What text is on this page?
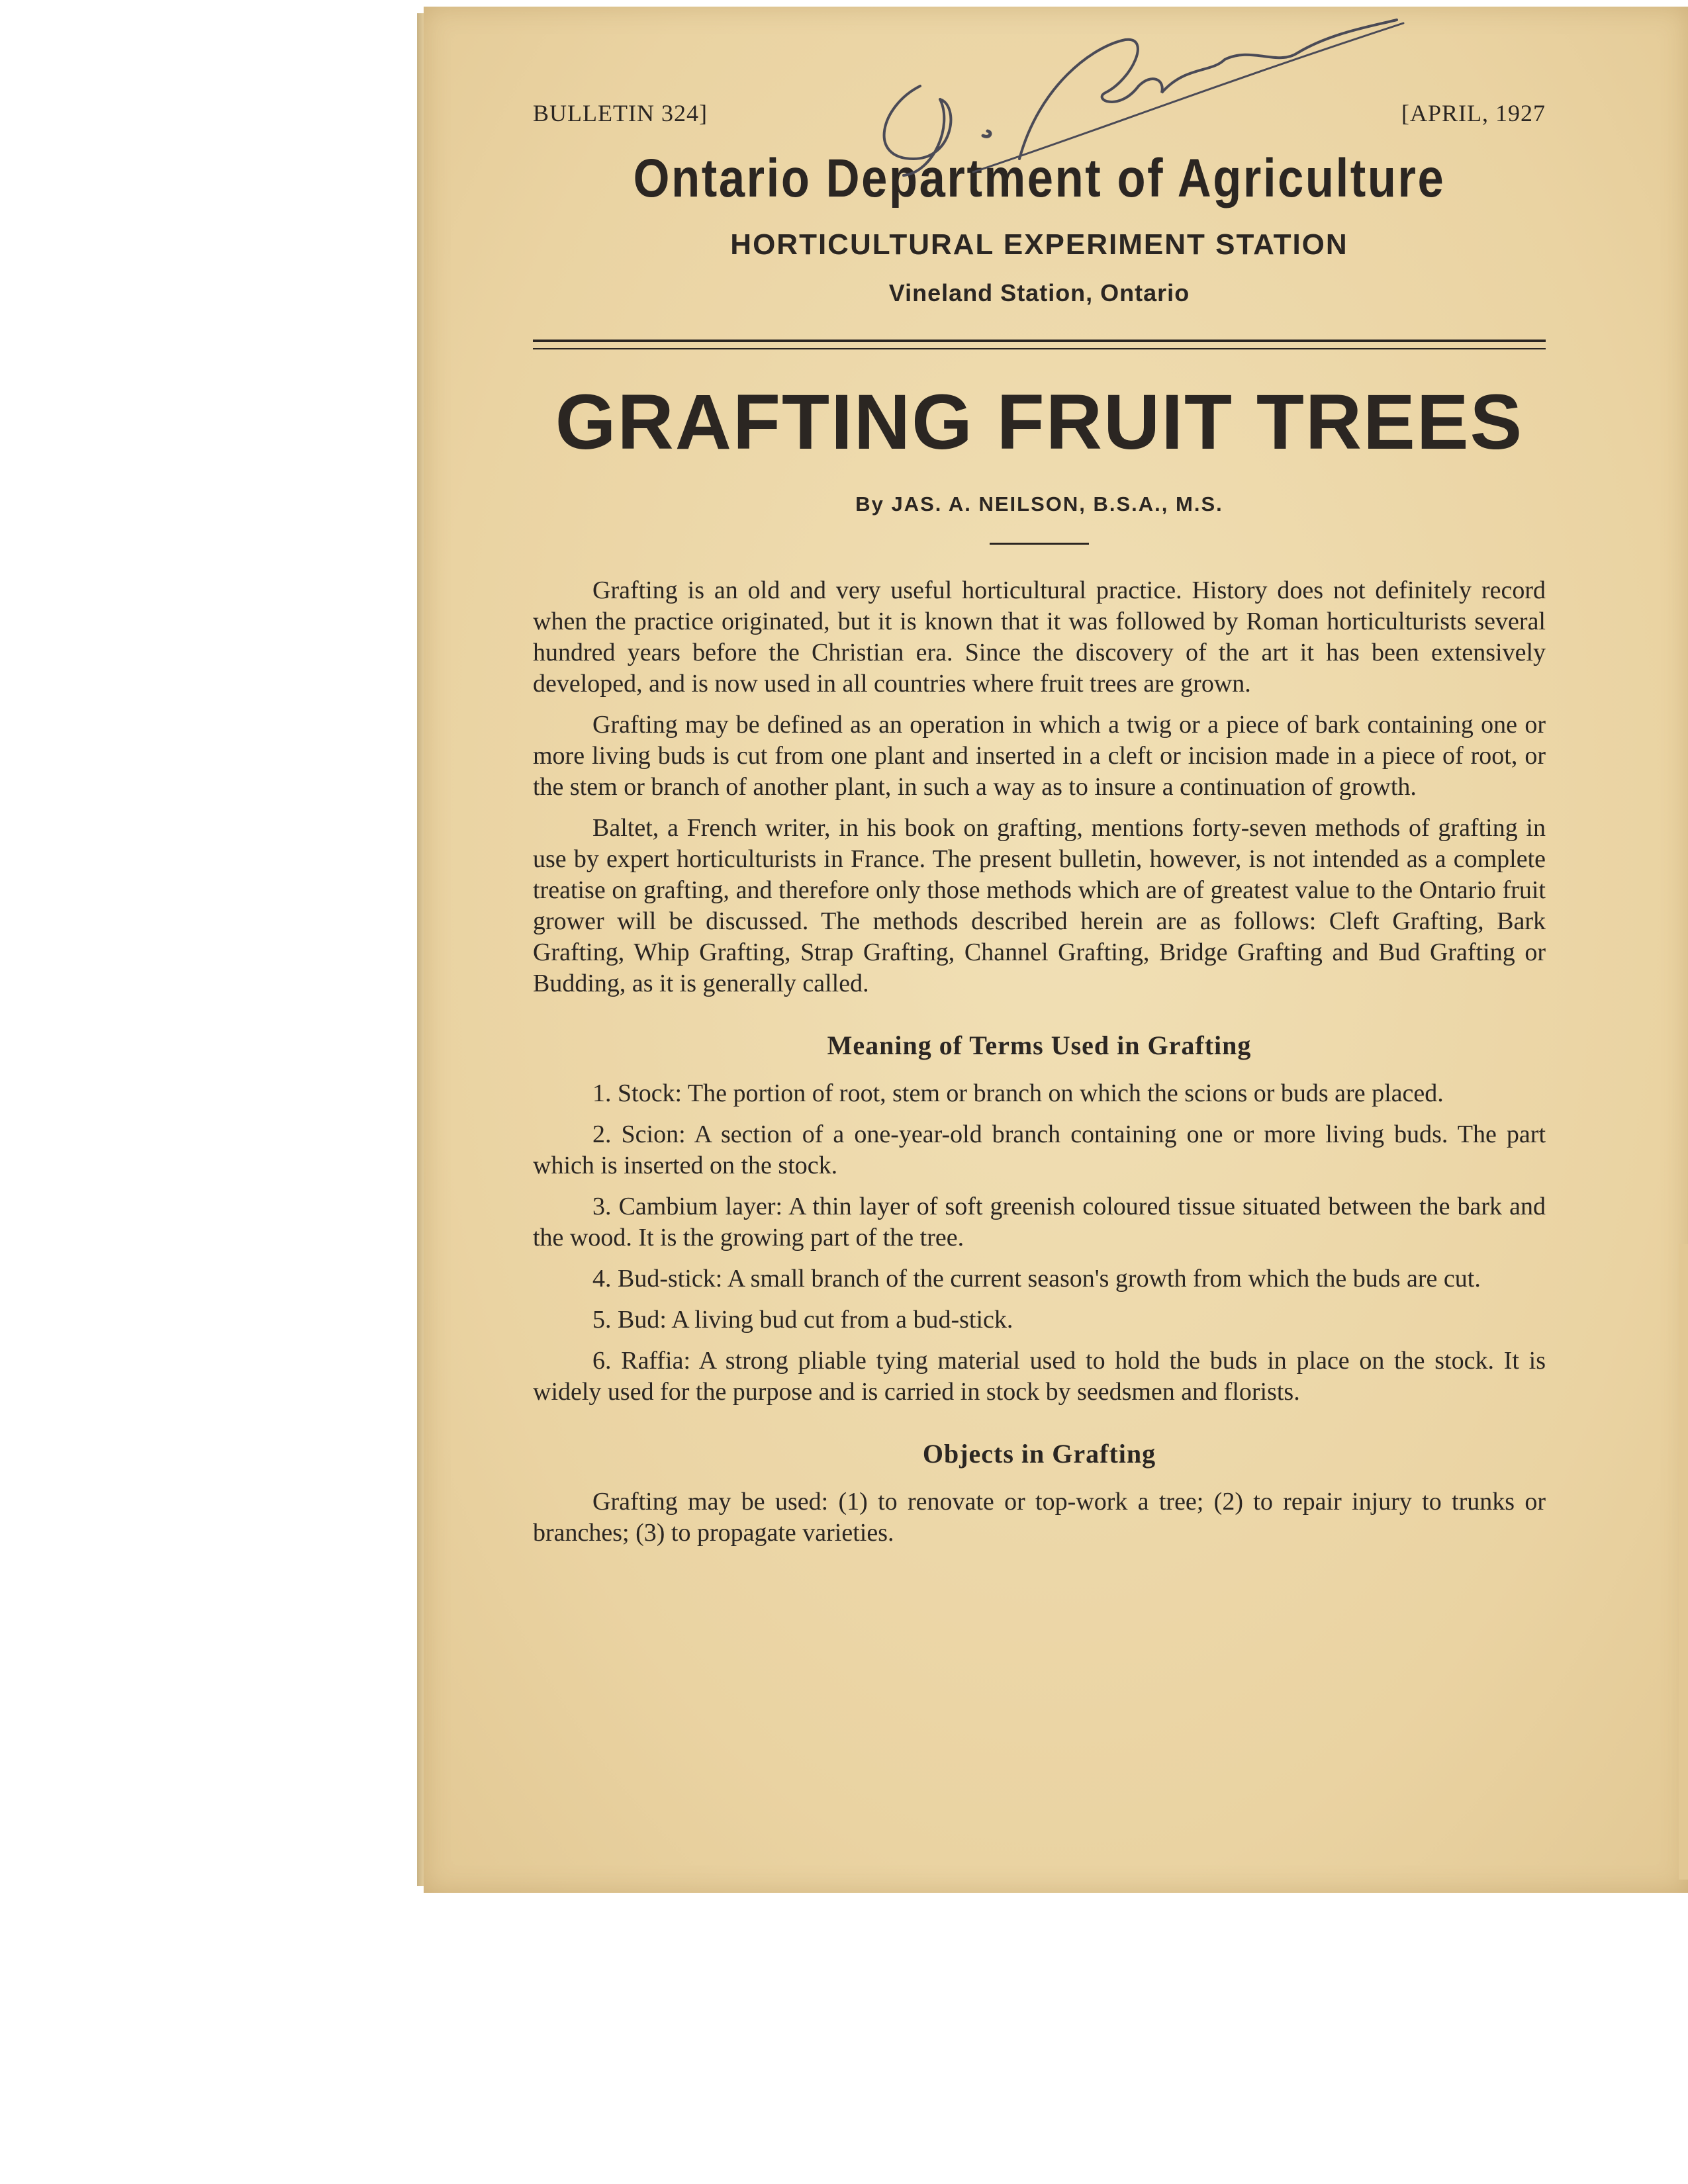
BULLETIN 324]	[APRIL, 1927
Ontario Department of Agriculture
HORTICULTURAL EXPERIMENT STATION
Vineland Station, Ontario
GRAFTING FRUIT TREES
By JAS. A. NEILSON, B.S.A., M.S.

Grafting is an old and very useful horticultural practice. History does not definitely record when the practice originated, but it is known that it was followed by Roman horticulturists several hundred years before the Christian era. Since the discovery of the art it has been extensively developed, and is now used in all countries where fruit trees are grown.

Grafting may be defined as an operation in which a twig or a piece of bark containing one or more living buds is cut from one plant and inserted in a cleft or incision made in a piece of root, or the stem or branch of another plant, in such a way as to insure a continuation of growth.

Baltet, a French writer, in his book on grafting, mentions forty-seven methods of grafting in use by expert horticulturists in France. The present bulletin, however, is not intended as a complete treatise on grafting, and therefore only those methods which are of greatest value to the Ontario fruit grower will be discussed. The methods described herein are as follows: Cleft Grafting, Bark Grafting, Whip Grafting, Strap Grafting, Channel Grafting, Bridge Grafting and Bud Grafting or Budding, as it is generally called.

Meaning of Terms Used in Grafting

1. Stock: The portion of root, stem or branch on which the scions or buds are placed.

2. Scion: A section of a one-year-old branch containing one or more living buds. The part which is inserted on the stock.

3. Cambium layer: A thin layer of soft greenish coloured tissue situated between the bark and the wood. It is the growing part of the tree.

4. Bud-stick: A small branch of the current season's growth from which the buds are cut.

5. Bud: A living bud cut from a bud-stick.

6. Raffia: A strong pliable tying material used to hold the buds in place on the stock. It is widely used for the purpose and is carried in stock by seedsmen and florists.

Objects in Grafting

Grafting may be used: (1) to renovate or top-work a tree; (2) to repair injury to trunks or branches; (3) to propagate varieties.
